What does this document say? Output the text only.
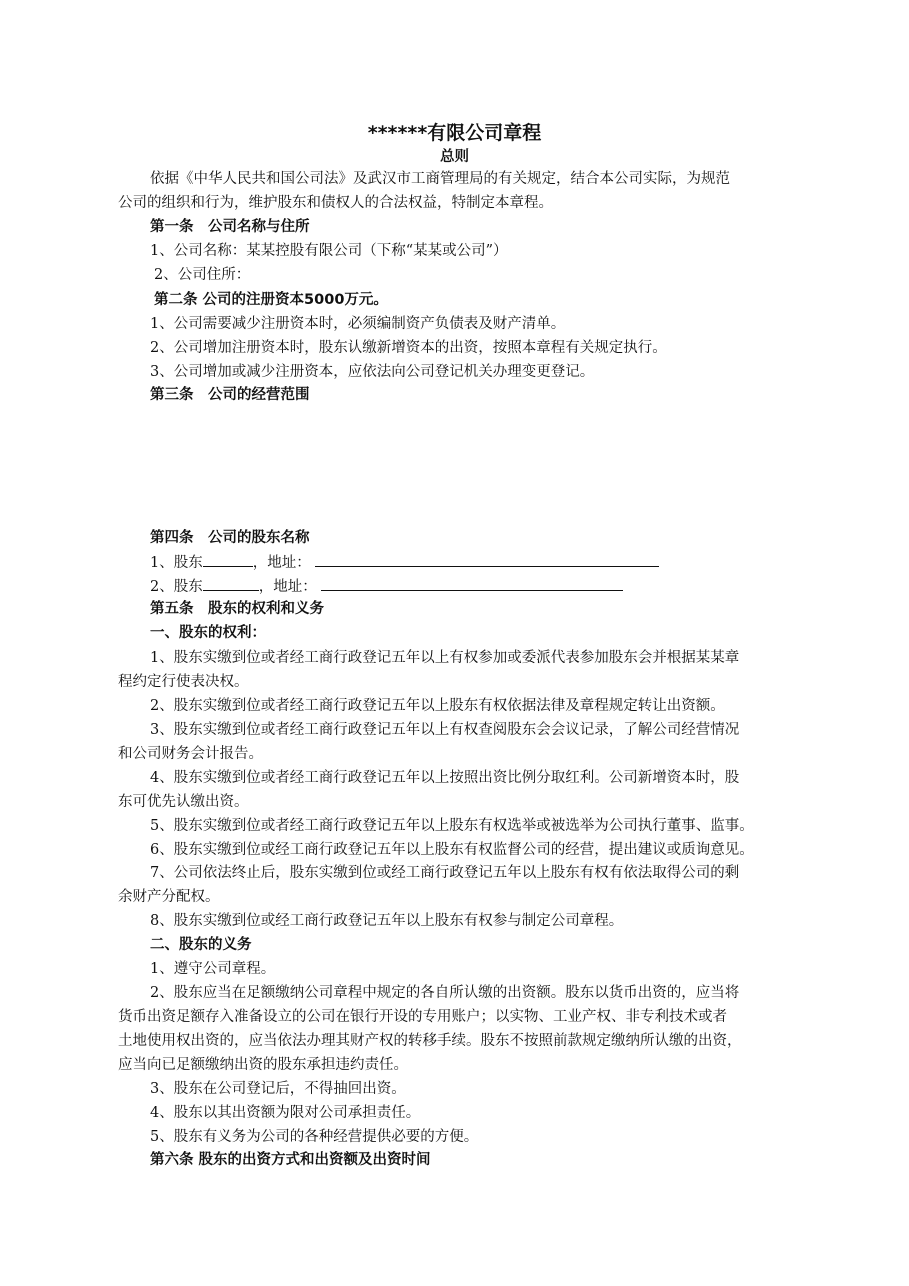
******有限公司章程
总则
依据《中华人民共和国公司法》及武汉市工商管理局的有关规定，结合本公司实际，为规范
公司的组织和行为，维护股东和债权人的合法权益，特制定本章程。
第一条　公司名称与住所
1、公司名称：某某控股有限公司（下称“某某或公司”）
2、公司住所：
第二条 公司的注册资本5000万元。
1、公司需要减少注册资本时，必须编制资产负债表及财产清单。
2、公司增加注册资本时，股东认缴新增资本的出资，按照本章程有关规定执行。
3、公司增加或减少注册资本，应依法向公司登记机关办理变更登记。
第三条　公司的经营范围
第四条　公司的股东名称
1、股东	，地址：
2、股东	，地址：
第五条　股东的权利和义务
一、股东的权利：
1、股东实缴到位或者经工商行政登记五年以上有权参加或委派代表参加股东会并根据某某章
程约定行使表决权。
2、股东实缴到位或者经工商行政登记五年以上股东有权依据法律及章程规定转让出资额。
3、股东实缴到位或者经工商行政登记五年以上有权查阅股东会会议记录，了解公司经营情况
和公司财务会计报告。
4、股东实缴到位或者经工商行政登记五年以上按照出资比例分取红利。公司新增资本时，股
东可优先认缴出资。
5、股东实缴到位或者经工商行政登记五年以上股东有权选举或被选举为公司执行董事、监事。
6、股东实缴到位或经工商行政登记五年以上股东有权监督公司的经营，提出建议或质询意见。
7、公司依法终止后，股东实缴到位或经工商行政登记五年以上股东有权有依法取得公司的剩
余财产分配权。
8、股东实缴到位或经工商行政登记五年以上股东有权参与制定公司章程。
二、股东的义务
1、遵守公司章程。
2、股东应当在足额缴纳公司章程中规定的各自所认缴的出资额。股东以货币出资的，应当将
货币出资足额存入准备设立的公司在银行开设的专用账户；以实物、工业产权、非专利技术或者
土地使用权出资的，应当依法办理其财产权的转移手续。股东不按照前款规定缴纳所认缴的出资，
应当向已足额缴纳出资的股东承担违约责任。
3、股东在公司登记后，不得抽回出资。
4、股东以其出资额为限对公司承担责任。
5、股东有义务为公司的各种经营提供必要的方便。
第六条 股东的出资方式和出资额及出资时间
